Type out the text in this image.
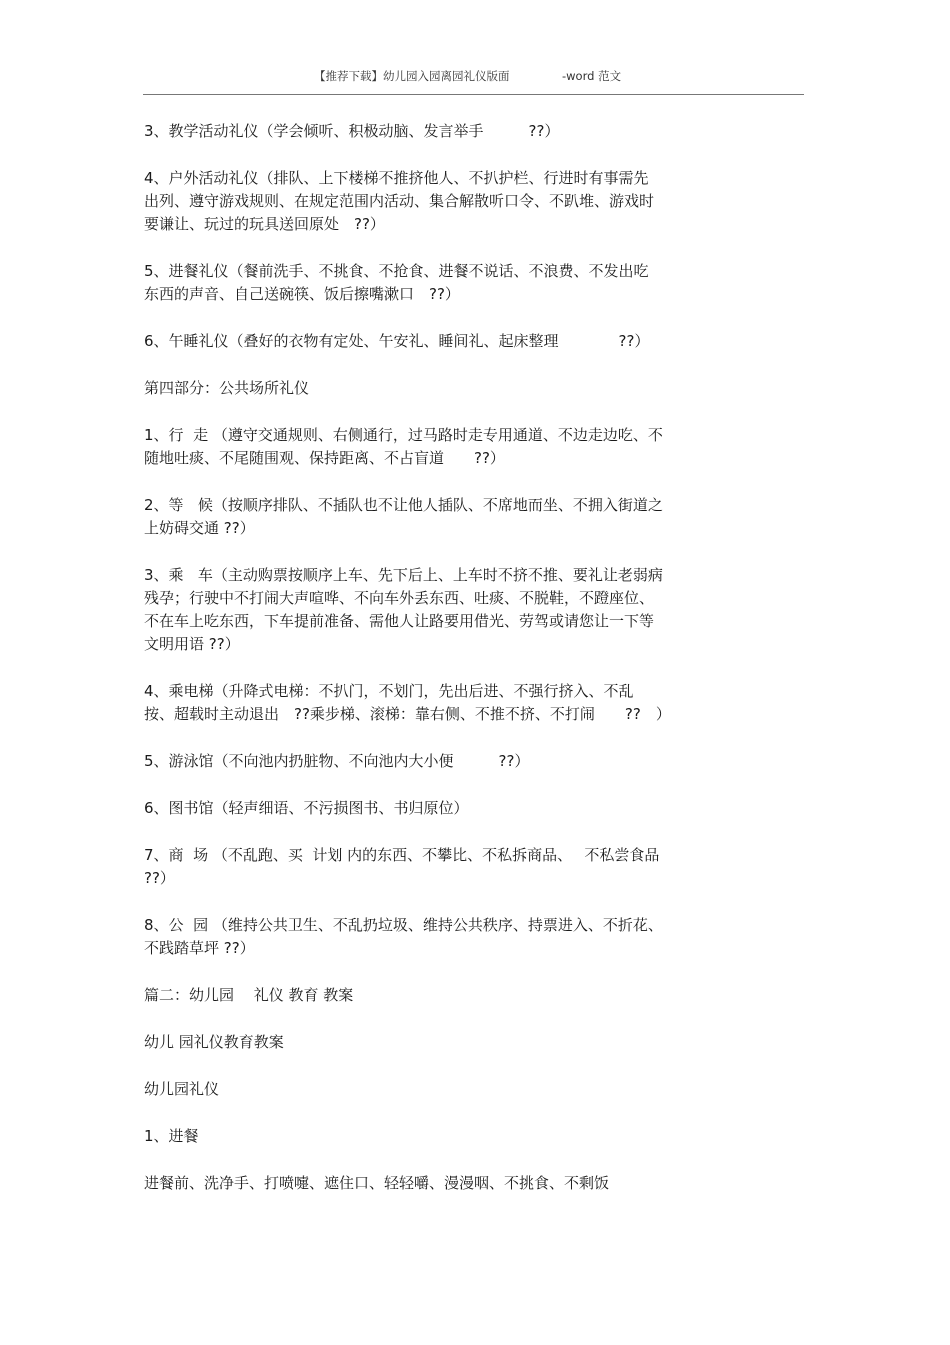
【推荐下载】幼儿园入园离园礼仪版面	-word 范文

3、教学活动礼仪（学会倾听、积极动脑、发言举手　　　??）

4、户外活动礼仪（排队、上下楼梯不推挤他人、不扒护栏、行进时有事需先
出列、遵守游戏规则、在规定范围内活动、集合解散听口令、不趴堆、游戏时
要谦让、玩过的玩具送回原处　??）

5、进餐礼仪（餐前洗手、不挑食、不抢食、进餐不说话、不浪费、不发出吃
东西的声音、自己送碗筷、饭后擦嘴漱口　??）

6、午睡礼仪（叠好的衣物有定处、午安礼、睡间礼、起床整理　　　　??）

第四部分：公共场所礼仪

1、行  走 （遵守交通规则、右侧通行，过马路时走专用通道、不边走边吃、不
随地吐痰、不尾随围观、保持距离、不占盲道　　??）

2、等   候（按顺序排队、不插队也不让他人插队、不席地而坐、不拥入街道之
上妨碍交通 ??）

3、乘   车（主动购票按顺序上车、先下后上、上车时不挤不推、要礼让老弱病
残孕；行驶中不打闹大声喧哗、不向车外丢东西、吐痰、不脱鞋，不蹬座位、
不在车上吃东西，下车提前准备、需他人让路要用借光、劳驾或请您让一下等
文明用语 ??）

4、乘电梯（升降式电梯：不扒门，不划门，先出后进、不强行挤入、不乱
按、超载时主动退出　??乘步梯、滚梯：靠右侧、不推不挤、不打闹　　??　）

5、游泳馆（不向池内扔脏物、不向池内大小便　　　??）

6、图书馆（轻声细语、不污损图书、书归原位）

7、商  场 （不乱跑、买  计划 内的东西、不攀比、不私拆商品、　 不私尝食品
??）

8、公  园 （维持公共卫生、不乱扔垃圾、维持公共秩序、持票进入、不折花、
不践踏草坪 ??）

篇二：幼儿园　 礼仪 教育 教案

幼儿 园礼仪教育教案

幼儿园礼仪

1、进餐

进餐前、洗净手、打喷嚏、遮住口、轻轻嚼、漫漫咽、不挑食、不剩饭
